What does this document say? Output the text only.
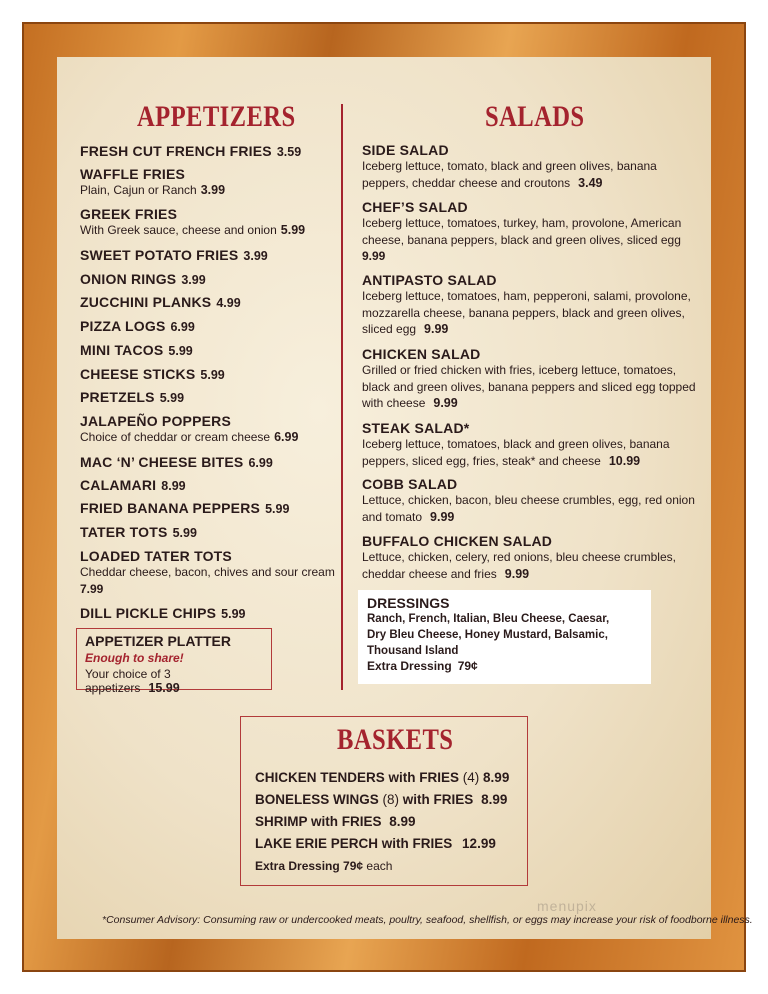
APPETIZERS	SALADS
FRESH CUT FRENCH FRIES 3.59
WAFFLE FRIES
Plain, Cajun or Ranch 3.99
GREEK FRIES
With Greek sauce, cheese and onion 5.99
SWEET POTATO FRIES 3.99
ONION RINGS 3.99
ZUCCHINI PLANKS 4.99
PIZZA LOGS 6.99
MINI TACOS 5.99
CHEESE STICKS 5.99
PRETZELS 5.99
JALAPEÑO POPPERS
Choice of cheddar or cream cheese 6.99
MAC ‘N’ CHEESE BITES 6.99
CALAMARI 8.99
FRIED BANANA PEPPERS 5.99
TATER TOTS 5.99
LOADED TATER TOTS
Cheddar cheese, bacon, chives and sour cream
7.99
DILL PICKLE CHIPS 5.99
APPETIZER PLATTER
Enough to share!
Your choice of 3 appetizers 15.99
SIDE SALAD
Iceberg lettuce, tomato, black and green olives, banana
peppers, cheddar cheese and croutons 3.49
CHEF’S SALAD
Iceberg lettuce, tomatoes, turkey, ham, provolone, American
cheese, banana peppers, black and green olives, sliced egg
9.99
ANTIPASTO SALAD
Iceberg lettuce, tomatoes, ham, pepperoni, salami, provolone,
mozzarella cheese, banana peppers, black and green olives,
sliced egg 9.99
CHICKEN SALAD
Grilled or fried chicken with fries, iceberg lettuce, tomatoes,
black and green olives, banana peppers and sliced egg topped
with cheese 9.99
STEAK SALAD*
Iceberg lettuce, tomatoes, black and green olives, banana
peppers, sliced egg, fries, steak* and cheese 10.99
COBB SALAD
Lettuce, chicken, bacon, bleu cheese crumbles, egg, red onion
and tomato 9.99
BUFFALO CHICKEN SALAD
Lettuce, chicken, celery, red onions, bleu cheese crumbles,
cheddar cheese and fries 9.99
DRESSINGS
Ranch, French, Italian, Bleu Cheese, Caesar,
Dry Bleu Cheese, Honey Mustard, Balsamic,
Thousand Island
Extra Dressing 79¢
BASKETS
CHICKEN TENDERS with FRIES (4) 8.99
BONELESS WINGS (8) with FRIES 8.99
SHRIMP with FRIES 8.99
LAKE ERIE PERCH with FRIES 12.99
Extra Dressing 79¢ each
menupix
*Consumer Advisory: Consuming raw or undercooked meats, poultry, seafood, shellfish, or eggs may increase your risk of foodborne illness.
